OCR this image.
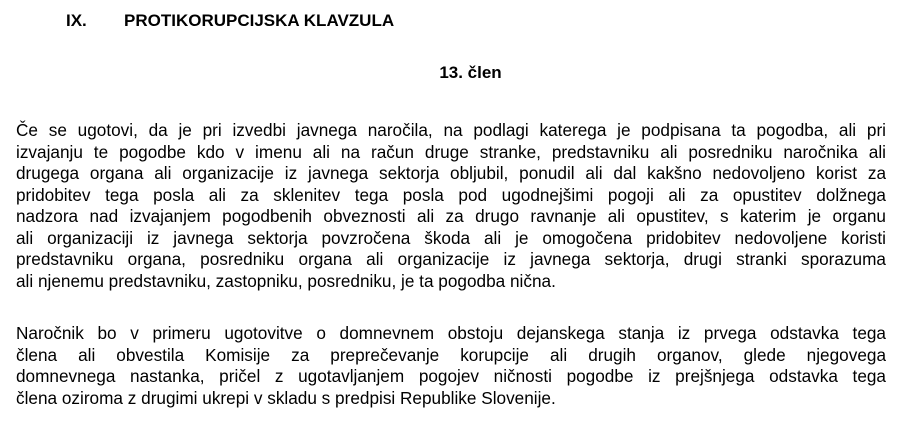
IX. PROTIKORUPCIJSKA KLAVZULA
13. člen

Če se ugotovi, da je pri izvedbi javnega naročila, na podlagi katerega je podpisana ta pogodba, ali pri
izvajanju te pogodbe kdo v imenu ali na račun druge stranke, predstavniku ali posredniku naročnika ali
drugega organa ali organizacije iz javnega sektorja obljubil, ponudil ali dal kakšno nedovoljeno korist za
pridobitev tega posla ali za sklenitev tega posla pod ugodnejšimi pogoji ali za opustitev dolžnega
nadzora nad izvajanjem pogodbenih obveznosti ali za drugo ravnanje ali opustitev, s katerim je organu
ali organizaciji iz javnega sektorja povzročena škoda ali je omogočena pridobitev nedovoljene koristi
predstavniku organa, posredniku organa ali organizacije iz javnega sektorja, drugi stranki sporazuma
ali njenemu predstavniku, zastopniku, posredniku, je ta pogodba nična.

Naročnik bo v primeru ugotovitve o domnevnem obstoju dejanskega stanja iz prvega odstavka tega
člena ali obvestila Komisije za preprečevanje korupcije ali drugih organov, glede njegovega
domnevnega nastanka, pričel z ugotavljanjem pogojev ničnosti pogodbe iz prejšnjega odstavka tega
člena oziroma z drugimi ukrepi v skladu s predpisi Republike Slovenije.
